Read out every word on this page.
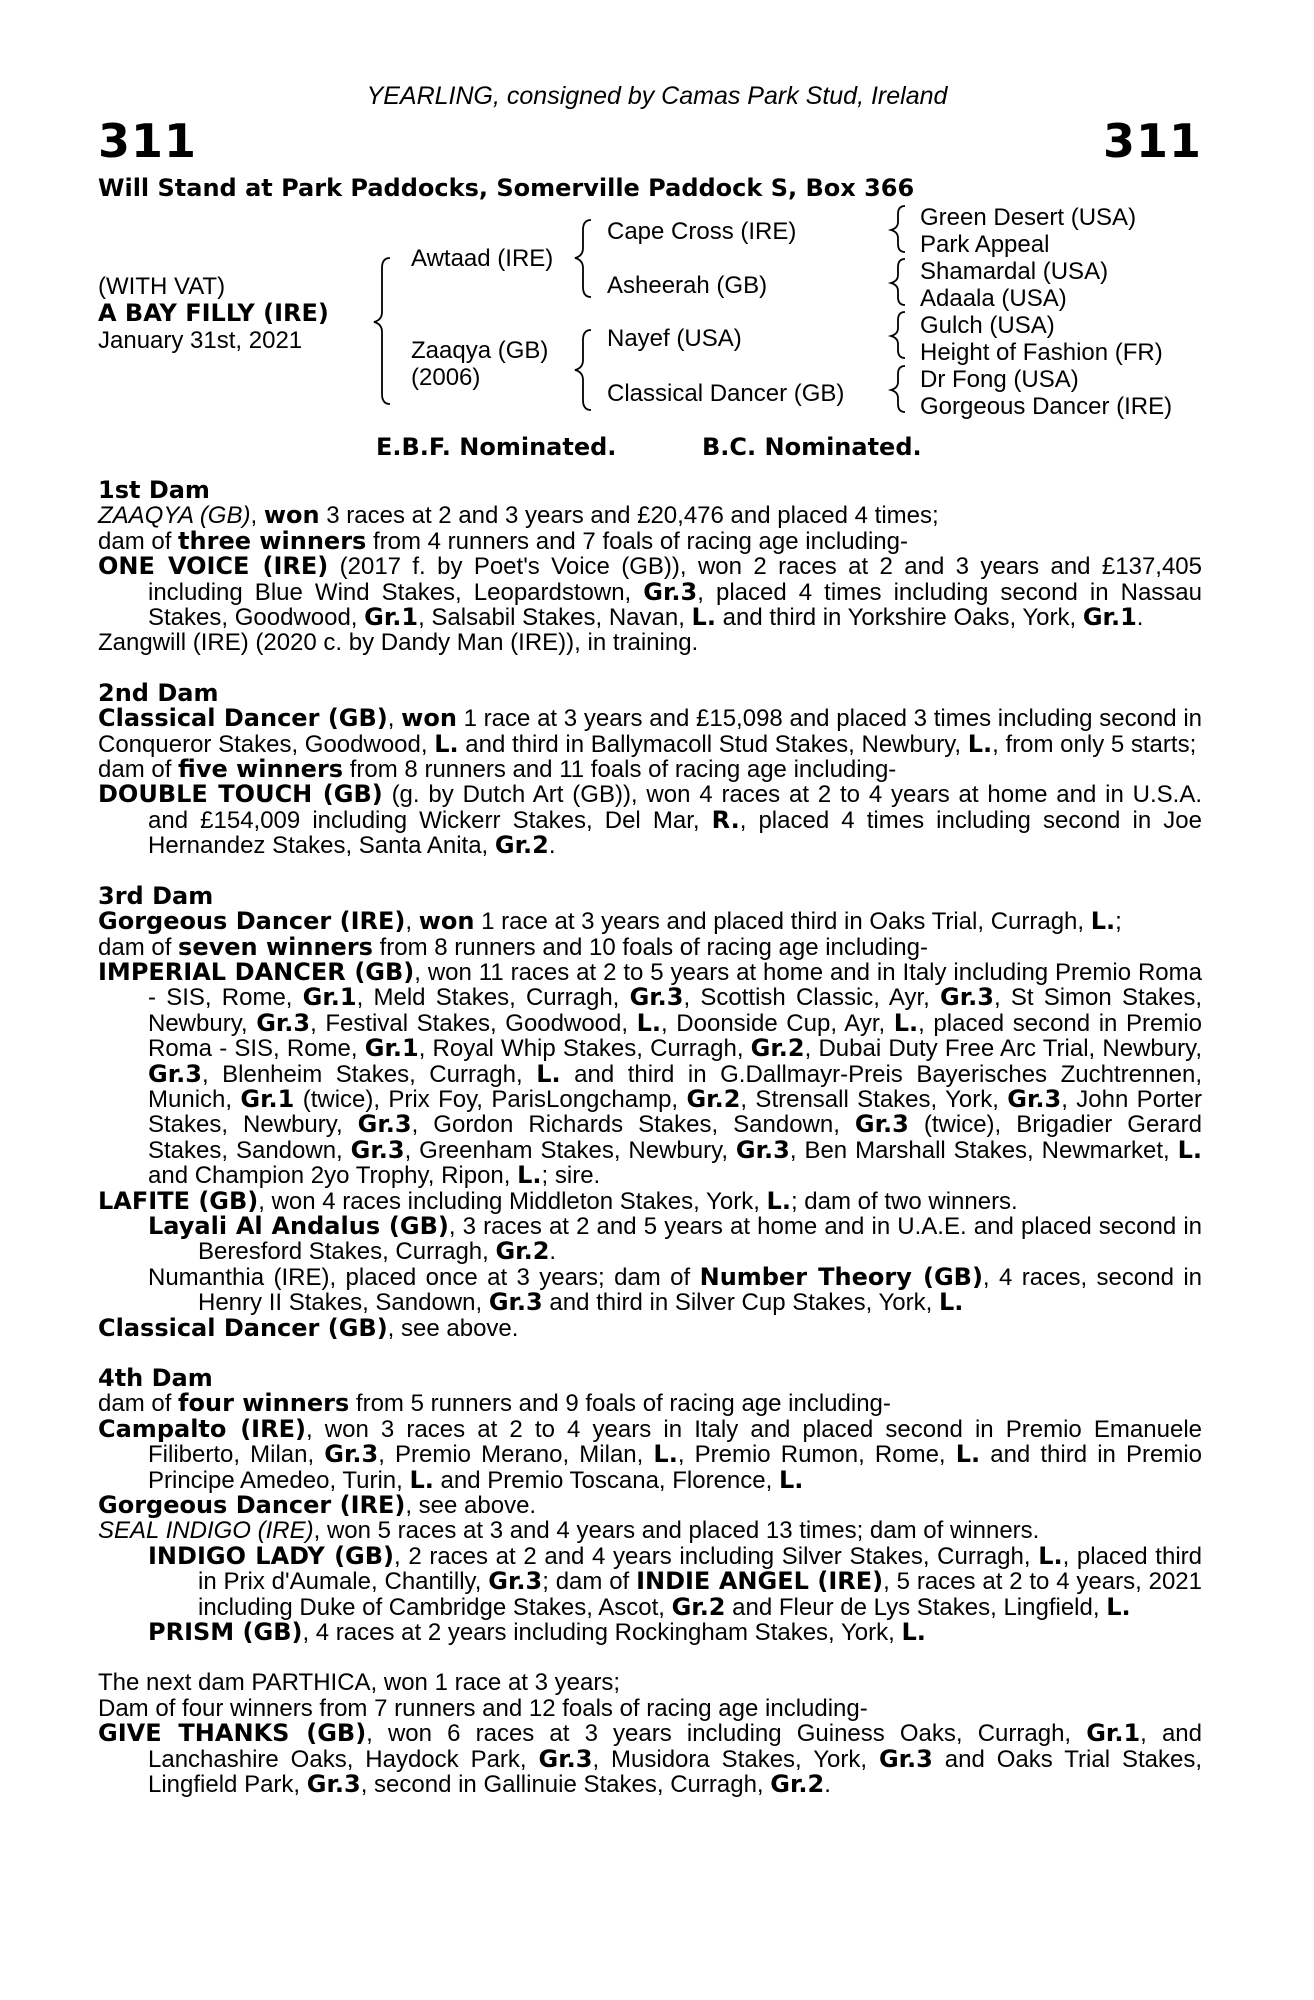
YEARLING, consigned by Camas Park Stud, Ireland
311	311
Will Stand at Park Paddocks, Somerville Paddock S, Box 366
(WITH VAT)
A BAY FILLY (IRE)
January 31st, 2021
Awtaad (IRE)
Zaaqya (GB)
(2006)
Cape Cross (IRE)
Asheerah (GB)
Nayef (USA)
Classical Dancer (GB)
Green Desert (USA)
Park Appeal
Shamardal (USA)
Adaala (USA)
Gulch (USA)
Height of Fashion (FR)
Dr Fong (USA)
Gorgeous Dancer (IRE)
E.B.F. Nominated.	B.C. Nominated.
1st Dam
ZAAQYA (GB), won 3 races at 2 and 3 years and £20,476 and placed 4 times;
dam of three winners from 4 runners and 7 foals of racing age including-
ONE VOICE (IRE) (2017 f. by Poet's Voice (GB)), won 2 races at 2 and 3 years and £137,405 including Blue Wind Stakes, Leopardstown, Gr.3, placed 4 times including second in Nassau Stakes, Goodwood, Gr.1, Salsabil Stakes, Navan, L. and third in Yorkshire Oaks, York, Gr.1.
Zangwill (IRE) (2020 c. by Dandy Man (IRE)), in training.
2nd Dam
Classical Dancer (GB), won 1 race at 3 years and £15,098 and placed 3 times including second in Conqueror Stakes, Goodwood, L. and third in Ballymacoll Stud Stakes, Newbury, L., from only 5 starts;
dam of five winners from 8 runners and 11 foals of racing age including-
DOUBLE TOUCH (GB) (g. by Dutch Art (GB)), won 4 races at 2 to 4 years at home and in U.S.A. and £154,009 including Wickerr Stakes, Del Mar, R., placed 4 times including second in Joe Hernandez Stakes, Santa Anita, Gr.2.
3rd Dam
Gorgeous Dancer (IRE), won 1 race at 3 years and placed third in Oaks Trial, Curragh, L.;
dam of seven winners from 8 runners and 10 foals of racing age including-
IMPERIAL DANCER (GB), won 11 races at 2 to 5 years at home and in Italy including Premio Roma - SIS, Rome, Gr.1, Meld Stakes, Curragh, Gr.3, Scottish Classic, Ayr, Gr.3, St Simon Stakes, Newbury, Gr.3, Festival Stakes, Goodwood, L., Doonside Cup, Ayr, L., placed second in Premio Roma - SIS, Rome, Gr.1, Royal Whip Stakes, Curragh, Gr.2, Dubai Duty Free Arc Trial, Newbury, Gr.3, Blenheim Stakes, Curragh, L. and third in G.Dallmayr-Preis Bayerisches Zuchtrennen, Munich, Gr.1 (twice), Prix Foy, ParisLongchamp, Gr.2, Strensall Stakes, York, Gr.3, John Porter Stakes, Newbury, Gr.3, Gordon Richards Stakes, Sandown, Gr.3 (twice), Brigadier Gerard Stakes, Sandown, Gr.3, Greenham Stakes, Newbury, Gr.3, Ben Marshall Stakes, Newmarket, L. and Champion 2yo Trophy, Ripon, L.; sire.
LAFITE (GB), won 4 races including Middleton Stakes, York, L.; dam of two winners.
Layali Al Andalus (GB), 3 races at 2 and 5 years at home and in U.A.E. and placed second in Beresford Stakes, Curragh, Gr.2.
Numanthia (IRE), placed once at 3 years; dam of Number Theory (GB), 4 races, second in Henry II Stakes, Sandown, Gr.3 and third in Silver Cup Stakes, York, L.
Classical Dancer (GB), see above.
4th Dam
dam of four winners from 5 runners and 9 foals of racing age including-
Campalto (IRE), won 3 races at 2 to 4 years in Italy and placed second in Premio Emanuele Filiberto, Milan, Gr.3, Premio Merano, Milan, L., Premio Rumon, Rome, L. and third in Premio Principe Amedeo, Turin, L. and Premio Toscana, Florence, L.
Gorgeous Dancer (IRE), see above.
SEAL INDIGO (IRE), won 5 races at 3 and 4 years and placed 13 times; dam of winners.
INDIGO LADY (GB), 2 races at 2 and 4 years including Silver Stakes, Curragh, L., placed third in Prix d'Aumale, Chantilly, Gr.3; dam of INDIE ANGEL (IRE), 5 races at 2 to 4 years, 2021 including Duke of Cambridge Stakes, Ascot, Gr.2 and Fleur de Lys Stakes, Lingfield, L.
PRISM (GB), 4 races at 2 years including Rockingham Stakes, York, L.
The next dam PARTHICA, won 1 race at 3 years;
Dam of four winners from 7 runners and 12 foals of racing age including-
GIVE THANKS (GB), won 6 races at 3 years including Guiness Oaks, Curragh, Gr.1, and Lanchashire Oaks, Haydock Park, Gr.3, Musidora Stakes, York, Gr.3 and Oaks Trial Stakes, Lingfield Park, Gr.3, second in Gallinuie Stakes, Curragh, Gr.2.
